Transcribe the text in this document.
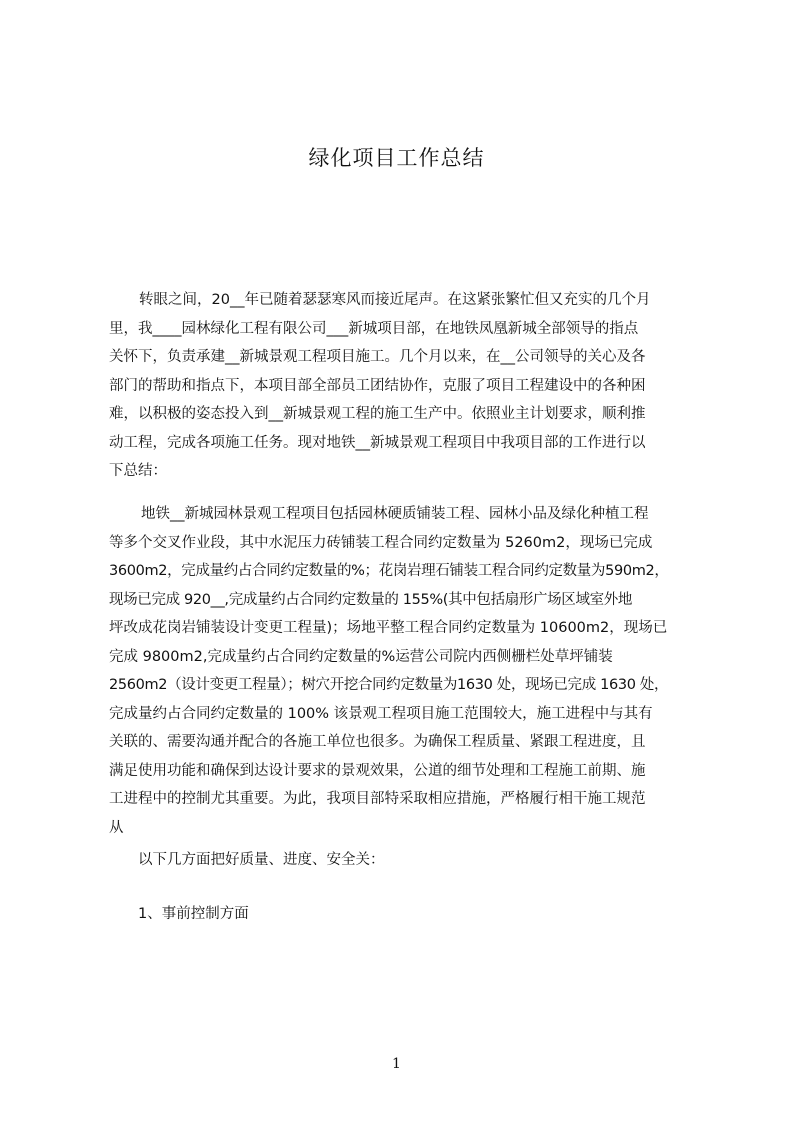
绿化项目工作总结
转眼之间，20__年已随着瑟瑟寒风而接近尾声。在这紧张繁忙但又充实的几个月
里，我____园林绿化工程有限公司___新城项目部，在地铁凤凰新城全部领导的指点
关怀下，负责承建__新城景观工程项目施工。几个月以来，在__公司领导的关心及各
部门的帮助和指点下，本项目部全部员工团结协作，克服了项目工程建设中的各种困
难，以积极的姿态投入到__新城景观工程的施工生产中。依照业主计划要求，顺利推
动工程，完成各项施工任务。现对地铁__新城景观工程项目中我项目部的工作进行以
下总结：
地铁__新城园林景观工程项目包括园林硬质铺装工程、园林小品及绿化种植工程
等多个交叉作业段，其中水泥压力砖铺装工程合同约定数量为 5260m2，现场已完成
3600m2，完成量约占合同约定数量的%；花岗岩理石铺装工程合同约定数量为590m2，
现场已完成 920__,完成量约占合同约定数量的 155%(其中包括扇形广场区域室外地
坪改成花岗岩铺装设计变更工程量)；场地平整工程合同约定数量为 10600m2，现场已
完成 9800m2,完成量约占合同约定数量的%运营公司院内西侧栅栏处草坪铺装
2560m2（设计变更工程量）；树穴开挖合同约定数量为1630 处，现场已完成 1630 处，
完成量约占合同约定数量的 100% 该景观工程项目施工范围较大，施工进程中与其有
关联的、需要沟通并配合的各施工单位也很多。为确保工程质量、紧跟工程进度，且
满足使用功能和确保到达设计要求的景观效果，公道的细节处理和工程施工前期、施
工进程中的控制尤其重要。为此，我项目部特采取相应措施，严格履行相干施工规范
从
以下几方面把好质量、进度、安全关：
1、事前控制方面
1
